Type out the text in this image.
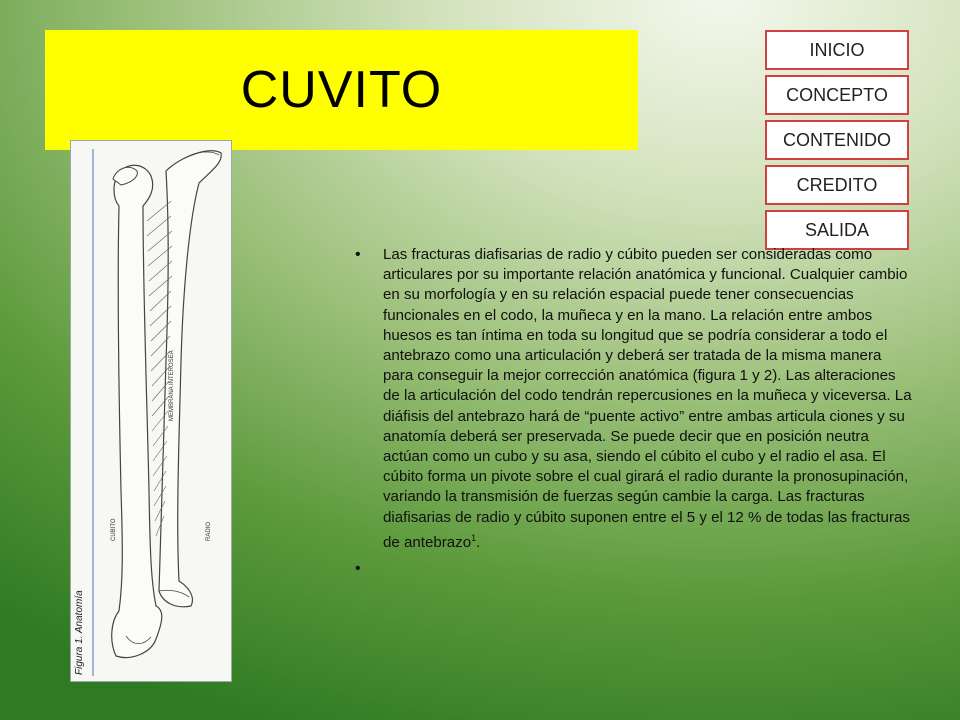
CUVITO
INICIO
CONCEPTO
CONTENIDO
CREDITO
SALIDA
Figura 1. Anatomía
CUBITO	RADIO
MEMBRANA INTEROSEA
• Las fracturas diafisarias de radio y cúbito pueden ser consideradas como articulares por su importante relación anatómica y funcional. Cualquier cambio en su morfología y en su relación espacial puede tener consecuencias funcionales en el codo, la muñeca y en la mano. La relación entre ambos huesos es tan íntima en toda su longitud que se podría considerar a todo el antebrazo como una articulación y deberá ser tratada de la misma manera para conseguir la mejor corrección anatómica (figura 1 y 2). Las alteraciones de la articulación del codo tendrán repercusiones en la muñeca y viceversa. La diáfisis del antebrazo hará de “puente activo” entre ambas articula ciones y su anatomía deberá ser preservada. Se puede decir que en posición neutra actúan como un cubo y su asa, siendo el cúbito el cubo y el radio el asa. El cúbito forma un pivote sobre el cual girará el radio durante la pronosupinación, variando la transmisión de fuerzas según cambie la carga. Las fracturas diafisarias de radio y cúbito suponen entre el 5 y el 12 % de todas las fracturas de antebrazo$^1$.
•
